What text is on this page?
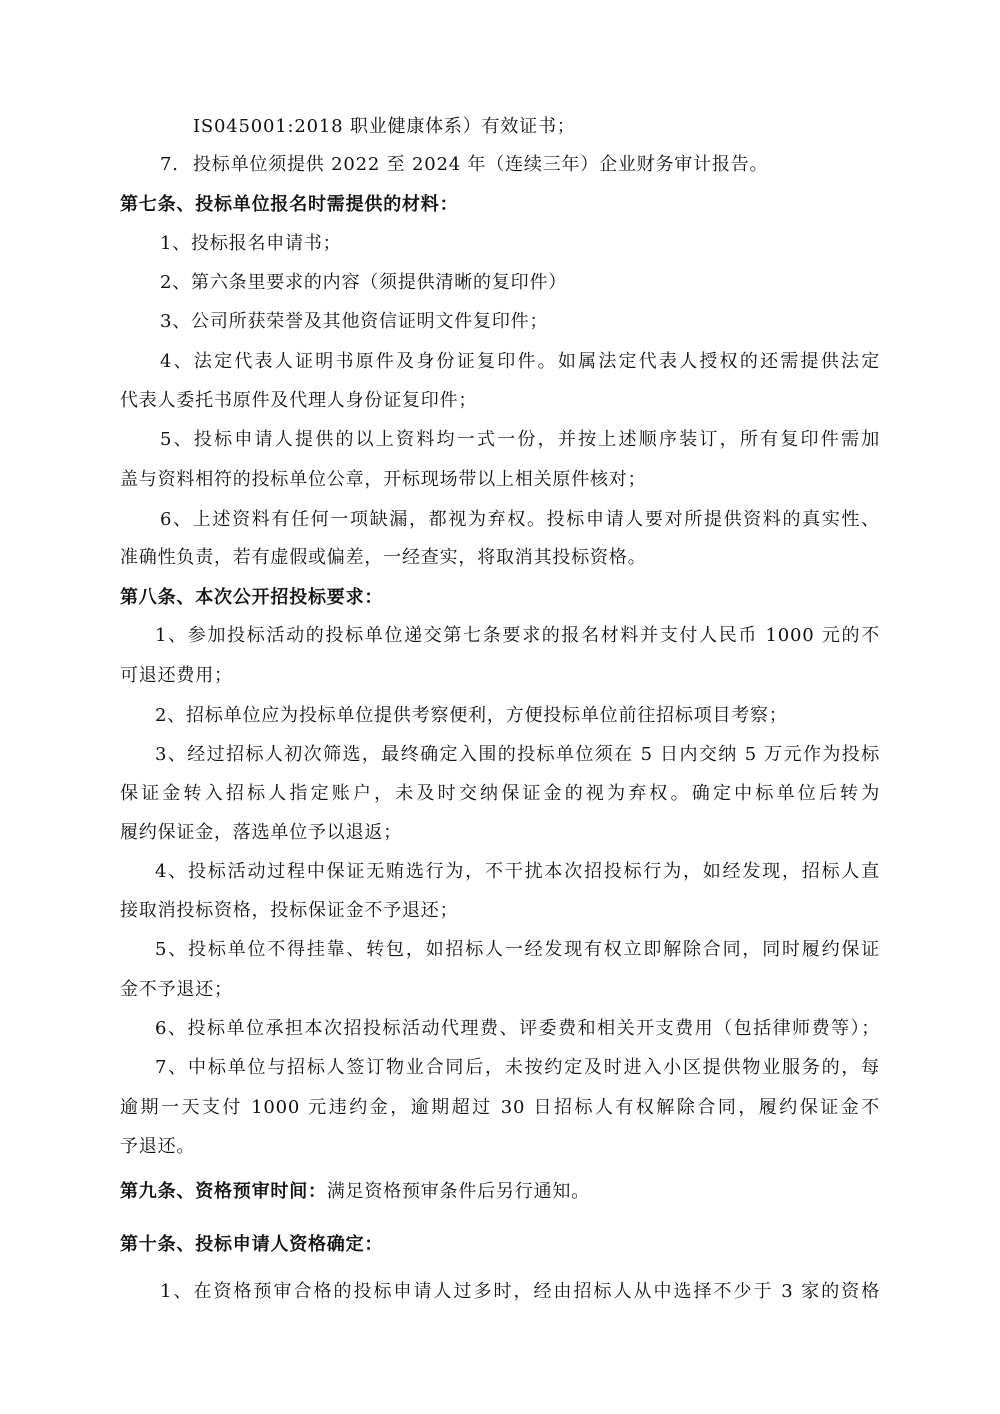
IS045001:2018 职业健康体系）有效证书；
7. 投标单位须提供 2022 至 2024 年（连续三年）企业财务审计报告。
第七条、投标单位报名时需提供的材料：
1、投标报名申请书；
2、第六条里要求的内容（须提供清晰的复印件）
3、公司所获荣誉及其他资信证明文件复印件；
4、法定代表人证明书原件及身份证复印件。如属法定代表人授权的还需提供法定
代表人委托书原件及代理人身份证复印件；
5、投标申请人提供的以上资料均一式一份，并按上述顺序装订，所有复印件需加
盖与资料相符的投标单位公章，开标现场带以上相关原件核对；
6、上述资料有任何一项缺漏，都视为弃权。投标申请人要对所提供资料的真实性、
准确性负责，若有虚假或偏差，一经查实，将取消其投标资格。
第八条、本次公开招投标要求：
1、参加投标活动的投标单位递交第七条要求的报名材料并支付人民币 1000 元的不
可退还费用；
2、招标单位应为投标单位提供考察便利，方便投标单位前往招标项目考察；
3、经过招标人初次筛选，最终确定入围的投标单位须在 5 日内交纳 5 万元作为投标
保证金转入招标人指定账户，未及时交纳保证金的视为弃权。确定中标单位后转为
履约保证金，落选单位予以退返；
4、投标活动过程中保证无贿选行为，不干扰本次招投标行为，如经发现，招标人直
接取消投标资格，投标保证金不予退还；
5、投标单位不得挂靠、转包，如招标人一经发现有权立即解除合同，同时履约保证
金不予退还；
6、投标单位承担本次招投标活动代理费、评委费和相关开支费用（包括律师费等）；
7、中标单位与招标人签订物业合同后，未按约定及时进入小区提供物业服务的，每
逾期一天支付 1000 元违约金，逾期超过 30 日招标人有权解除合同，履约保证金不
予退还。
第九条、资格预审时间：满足资格预审条件后另行通知。
第十条、投标申请人资格确定：
1、在资格预审合格的投标申请人过多时，经由招标人从中选择不少于 3 家的资格
